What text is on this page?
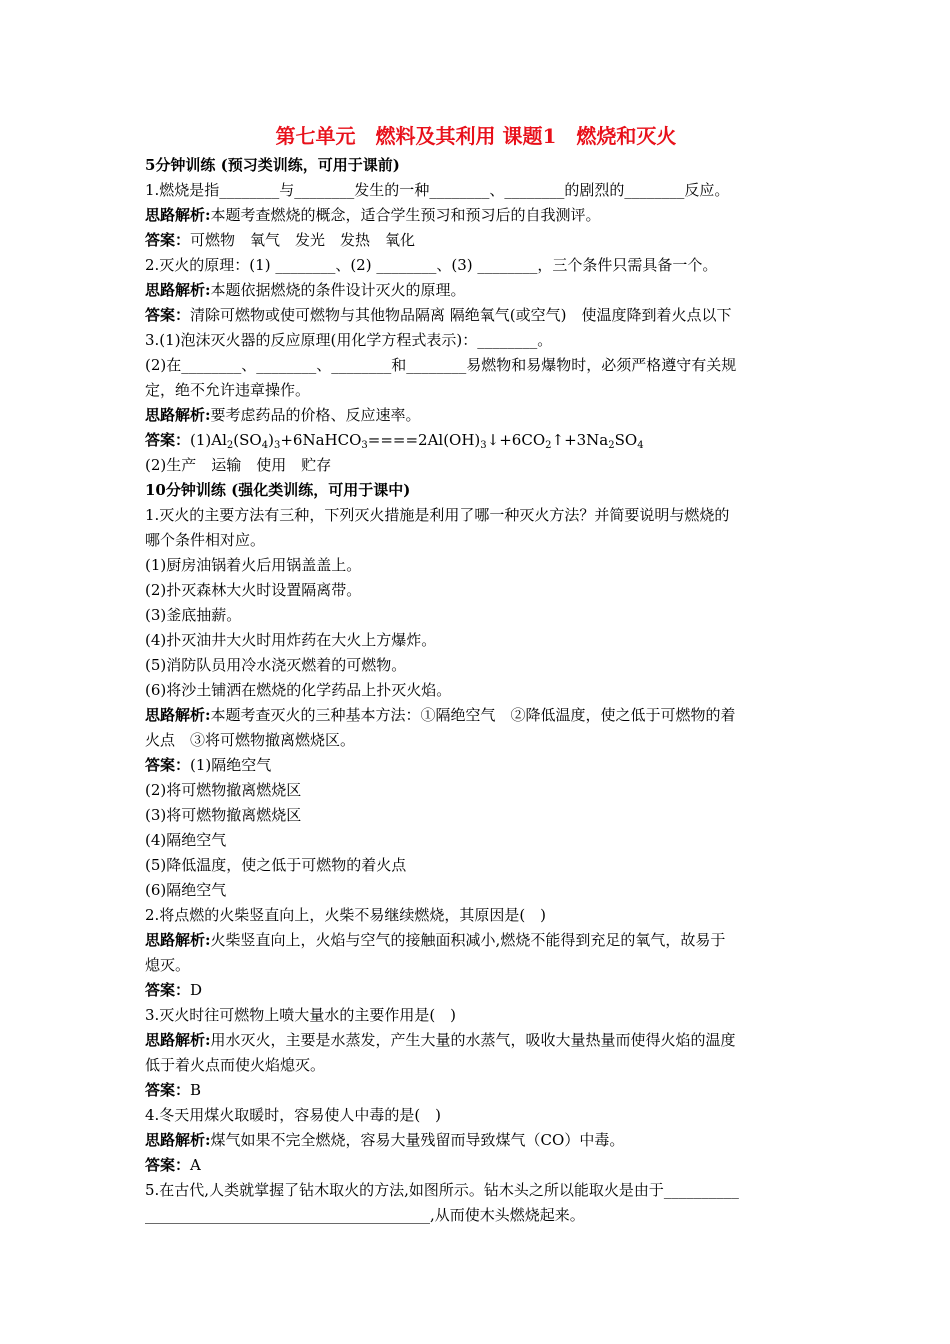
第七单元　燃料及其利用 课题1　燃烧和灭火
5分钟训练 (预习类训练，可用于课前)
1.燃烧是指________与________发生的一种________、________的剧烈的________反应。
思路解析:本题考查燃烧的概念，适合学生预习和预习后的自我测评。
答案：可燃物　氧气　发光　发热　氧化
2.灭火的原理：(1) ________、(2) ________、(3) ________，三个条件只需具备一个。
思路解析:本题依据燃烧的条件设计灭火的原理。
答案：清除可燃物或使可燃物与其他物品隔离 隔绝氧气(或空气)　使温度降到着火点以下
3.(1)泡沫灭火器的反应原理(用化学方程式表示)：________。
(2)在________、________、________和________易燃物和易爆物时，必须严格遵守有关规
定，绝不允许违章操作。
思路解析:要考虑药品的价格、反应速率。
答案：$(1)Al_2(SO_4)_3+6NaHCO_3====2Al(OH)_3↓+6CO_2↑+3Na_2SO_4$
(2)生产　运输　使用　贮存
10分钟训练 (强化类训练，可用于课中)
1.灭火的主要方法有三种，下列灭火措施是利用了哪一种灭火方法？并简要说明与燃烧的
哪个条件相对应。
(1)厨房油锅着火后用锅盖盖上。
(2)扑灭森林大火时设置隔离带。
(3)釜底抽薪。
(4)扑灭油井大火时用炸药在大火上方爆炸。
(5)消防队员用冷水浇灭燃着的可燃物。
(6)将沙土铺洒在燃烧的化学药品上扑灭火焰。
思路解析:本题考查灭火的三种基本方法：①隔绝空气　②降低温度，使之低于可燃物的着
火点　③将可燃物撤离燃烧区。
答案：(1)隔绝空气
(2)将可燃物撤离燃烧区
(3)将可燃物撤离燃烧区
(4)隔绝空气
(5)降低温度，使之低于可燃物的着火点
(6)隔绝空气
2.将点燃的火柴竖直向上，火柴不易继续燃烧，其原因是(　)
思路解析:火柴竖直向上，火焰与空气的接触面积减小,燃烧不能得到充足的氧气，故易于
熄灭。
答案：D
3.灭火时往可燃物上喷大量水的主要作用是(　)
思路解析:用水灭火，主要是水蒸发，产生大量的水蒸气，吸收大量热量而使得火焰的温度
低于着火点而使火焰熄灭。
答案：B
4.冬天用煤火取暖时，容易使人中毒的是(　)
思路解析:煤气如果不完全燃烧，容易大量残留而导致煤气（CO）中毒。
答案：A
5.在古代,人类就掌握了钻木取火的方法,如图所示。钻木头之所以能取火是由于__________
______________________________________,从而使木头燃烧起来。
